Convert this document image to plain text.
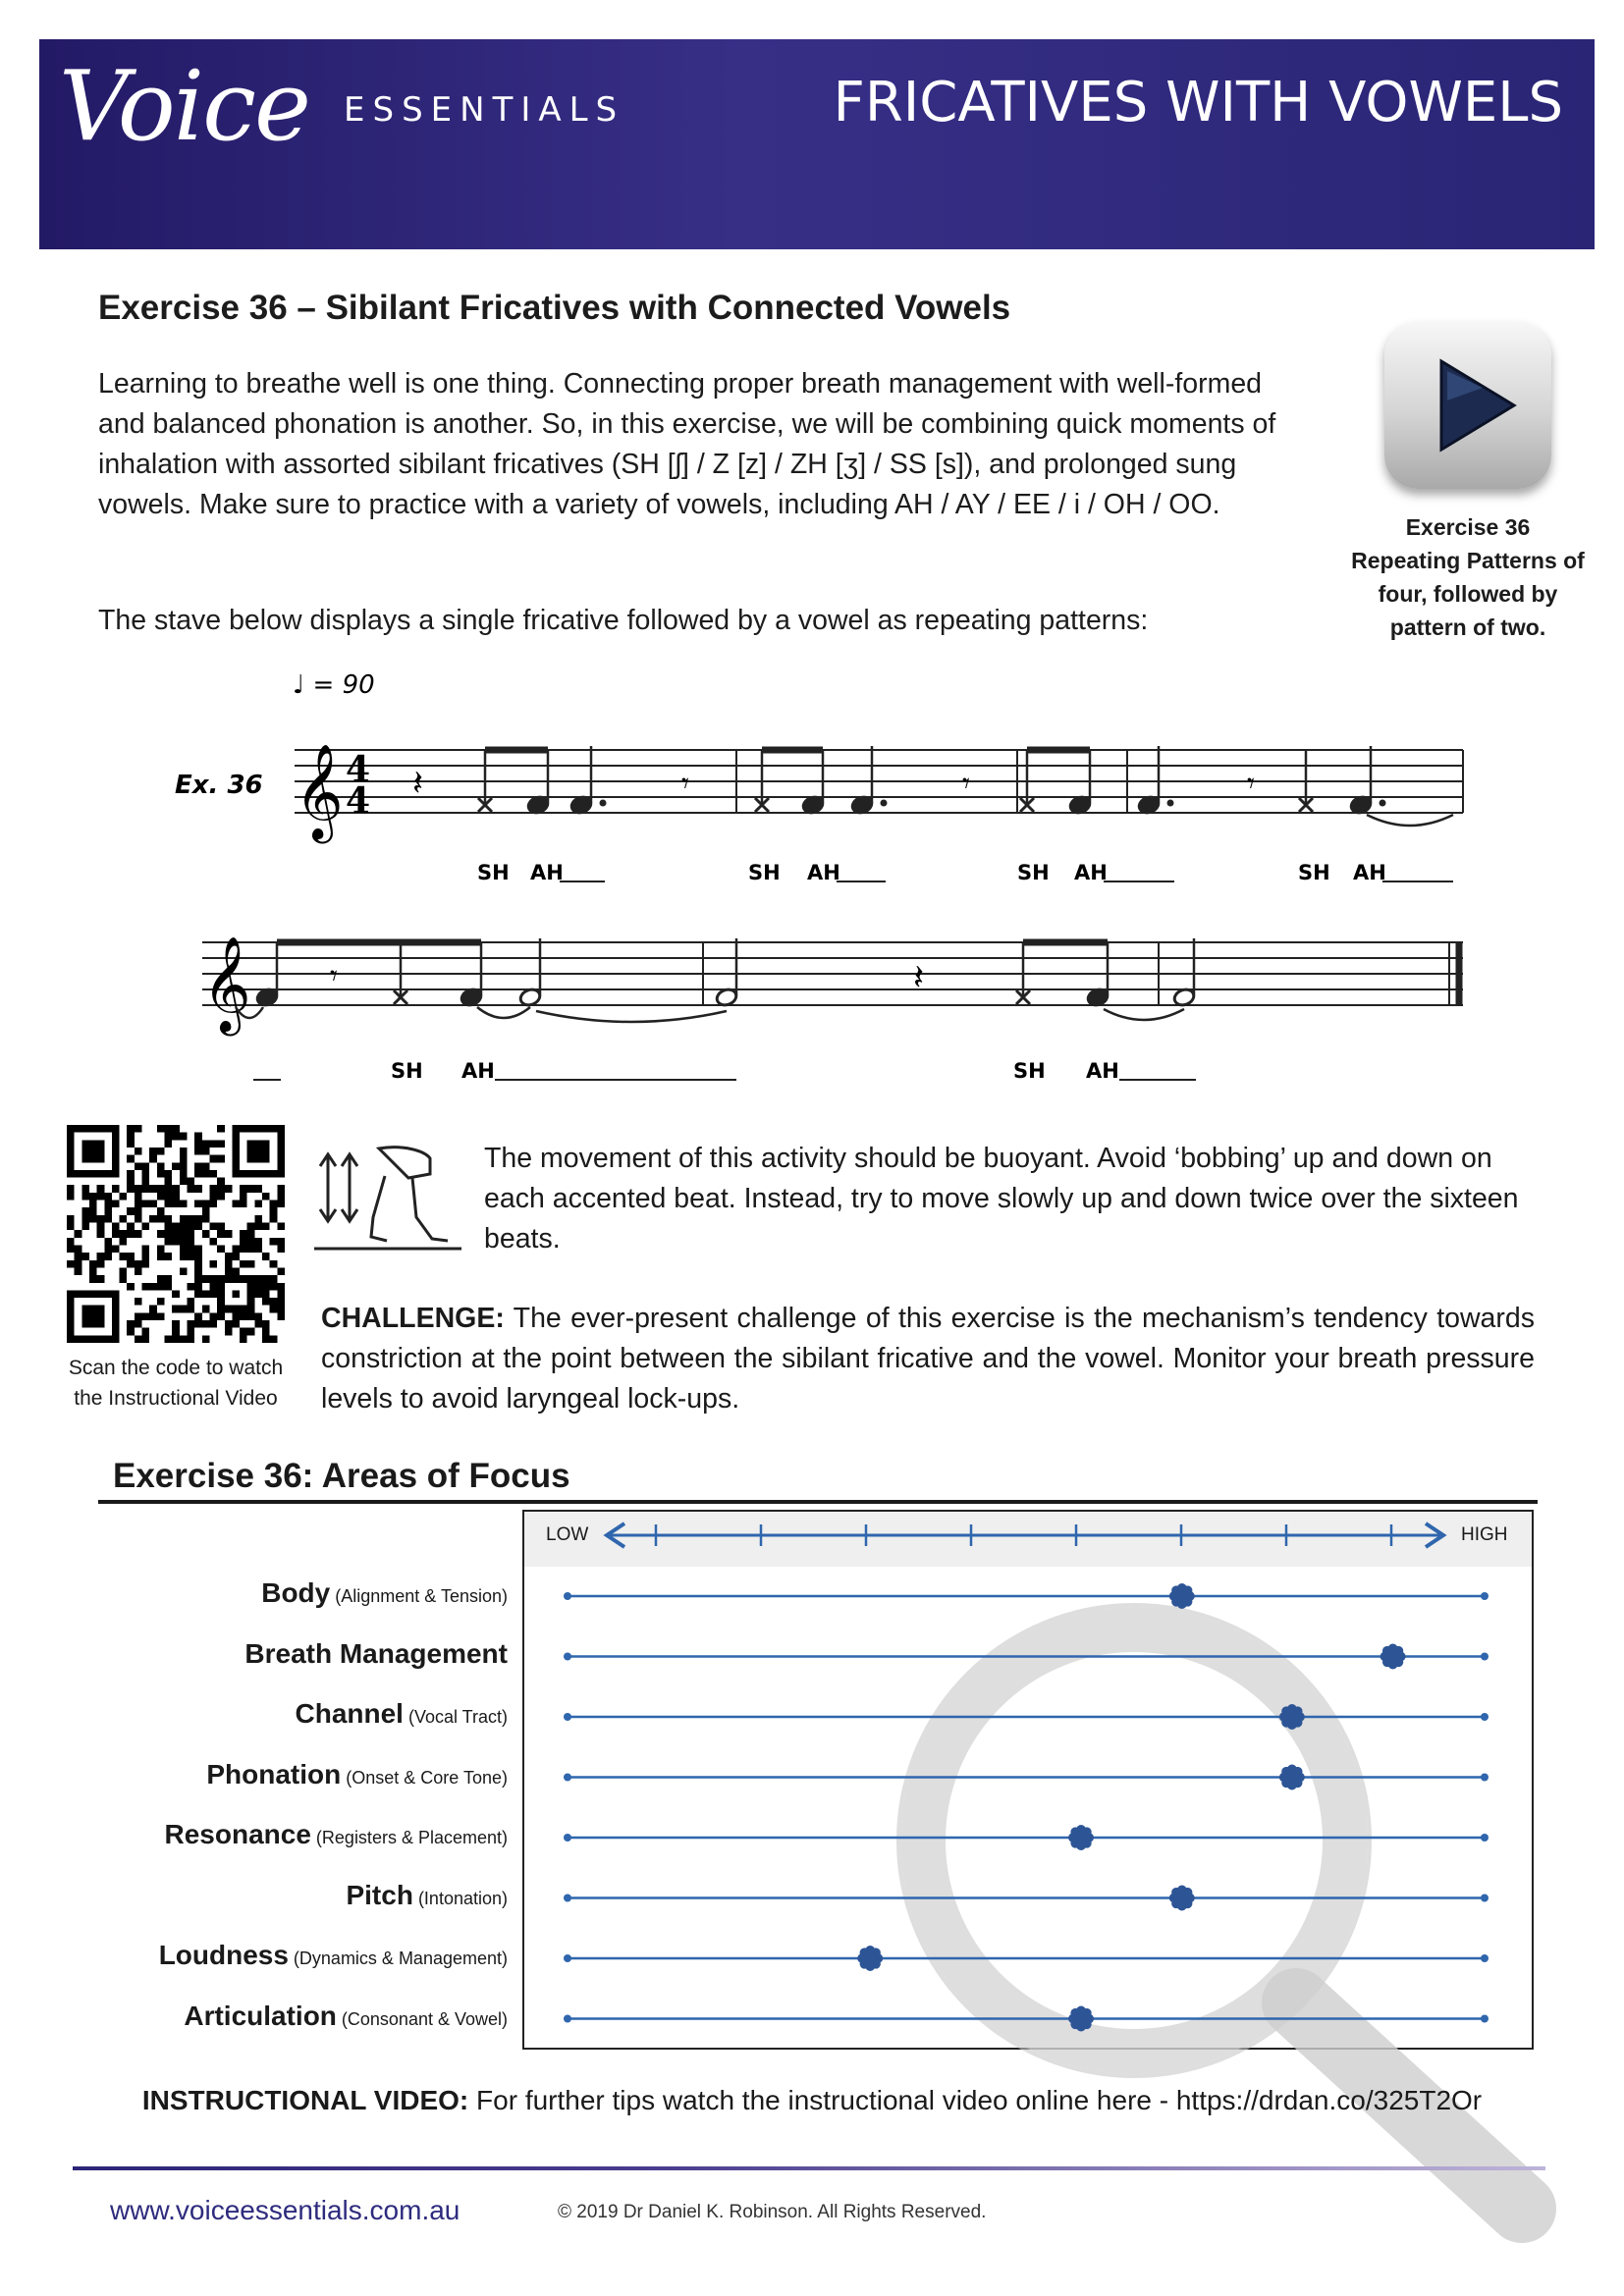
Voice ESSENTIALS	FRICATIVES WITH VOWELS
Exercise 36 – Sibilant Fricatives with Connected Vowels
Learning to breathe well is one thing. Connecting proper breath management with well-formed and balanced phonation is another. So, in this exercise, we will be combining quick moments of inhalation with assorted sibilant fricatives (SH [ʃ] / Z [z] / ZH [ʒ] / SS [s]), and prolonged sung vowels. Make sure to practice with a variety of vowels, including AH / AY / EE / i / OH / OO.
The stave below displays a single fricative followed by a vowel as repeating patterns:
Exercise 36
Repeating Patterns of four, followed by pattern of two.
♩ = 90
Ex. 36 𝄞 4
4 𝄽	𝄾	𝄾	𝄾
SH AH	SH AH	SH AH	SH AH
𝄞	𝄾	𝄽
SH AH	SH AH
Scan the code to watch the Instructional Video
The movement of this activity should be buoyant. Avoid ‘bobbing’ up and down on each accented beat. Instead, try to move slowly up and down twice over the sixteen beats.
CHALLENGE: The ever-present challenge of this exercise is the mechanism’s tendency towards constriction at the point between the sibilant fricative and the vowel. Monitor your breath pressure levels to avoid laryngeal lock-ups.
Exercise 36: Areas of Focus
LOW	HIGH
Body (Alignment & Tension)
Breath Management
Channel (Vocal Tract)
Phonation (Onset & Core Tone)
Resonance (Registers & Placement)
Pitch (Intonation)
Loudness (Dynamics & Management)
Articulation (Consonant & Vowel)
INSTRUCTIONAL VIDEO: For further tips watch the instructional video online here - https://drdan.co/325T2Or
www.voiceessentials.com.au	© 2019 Dr Daniel K. Robinson. All Rights Reserved.
